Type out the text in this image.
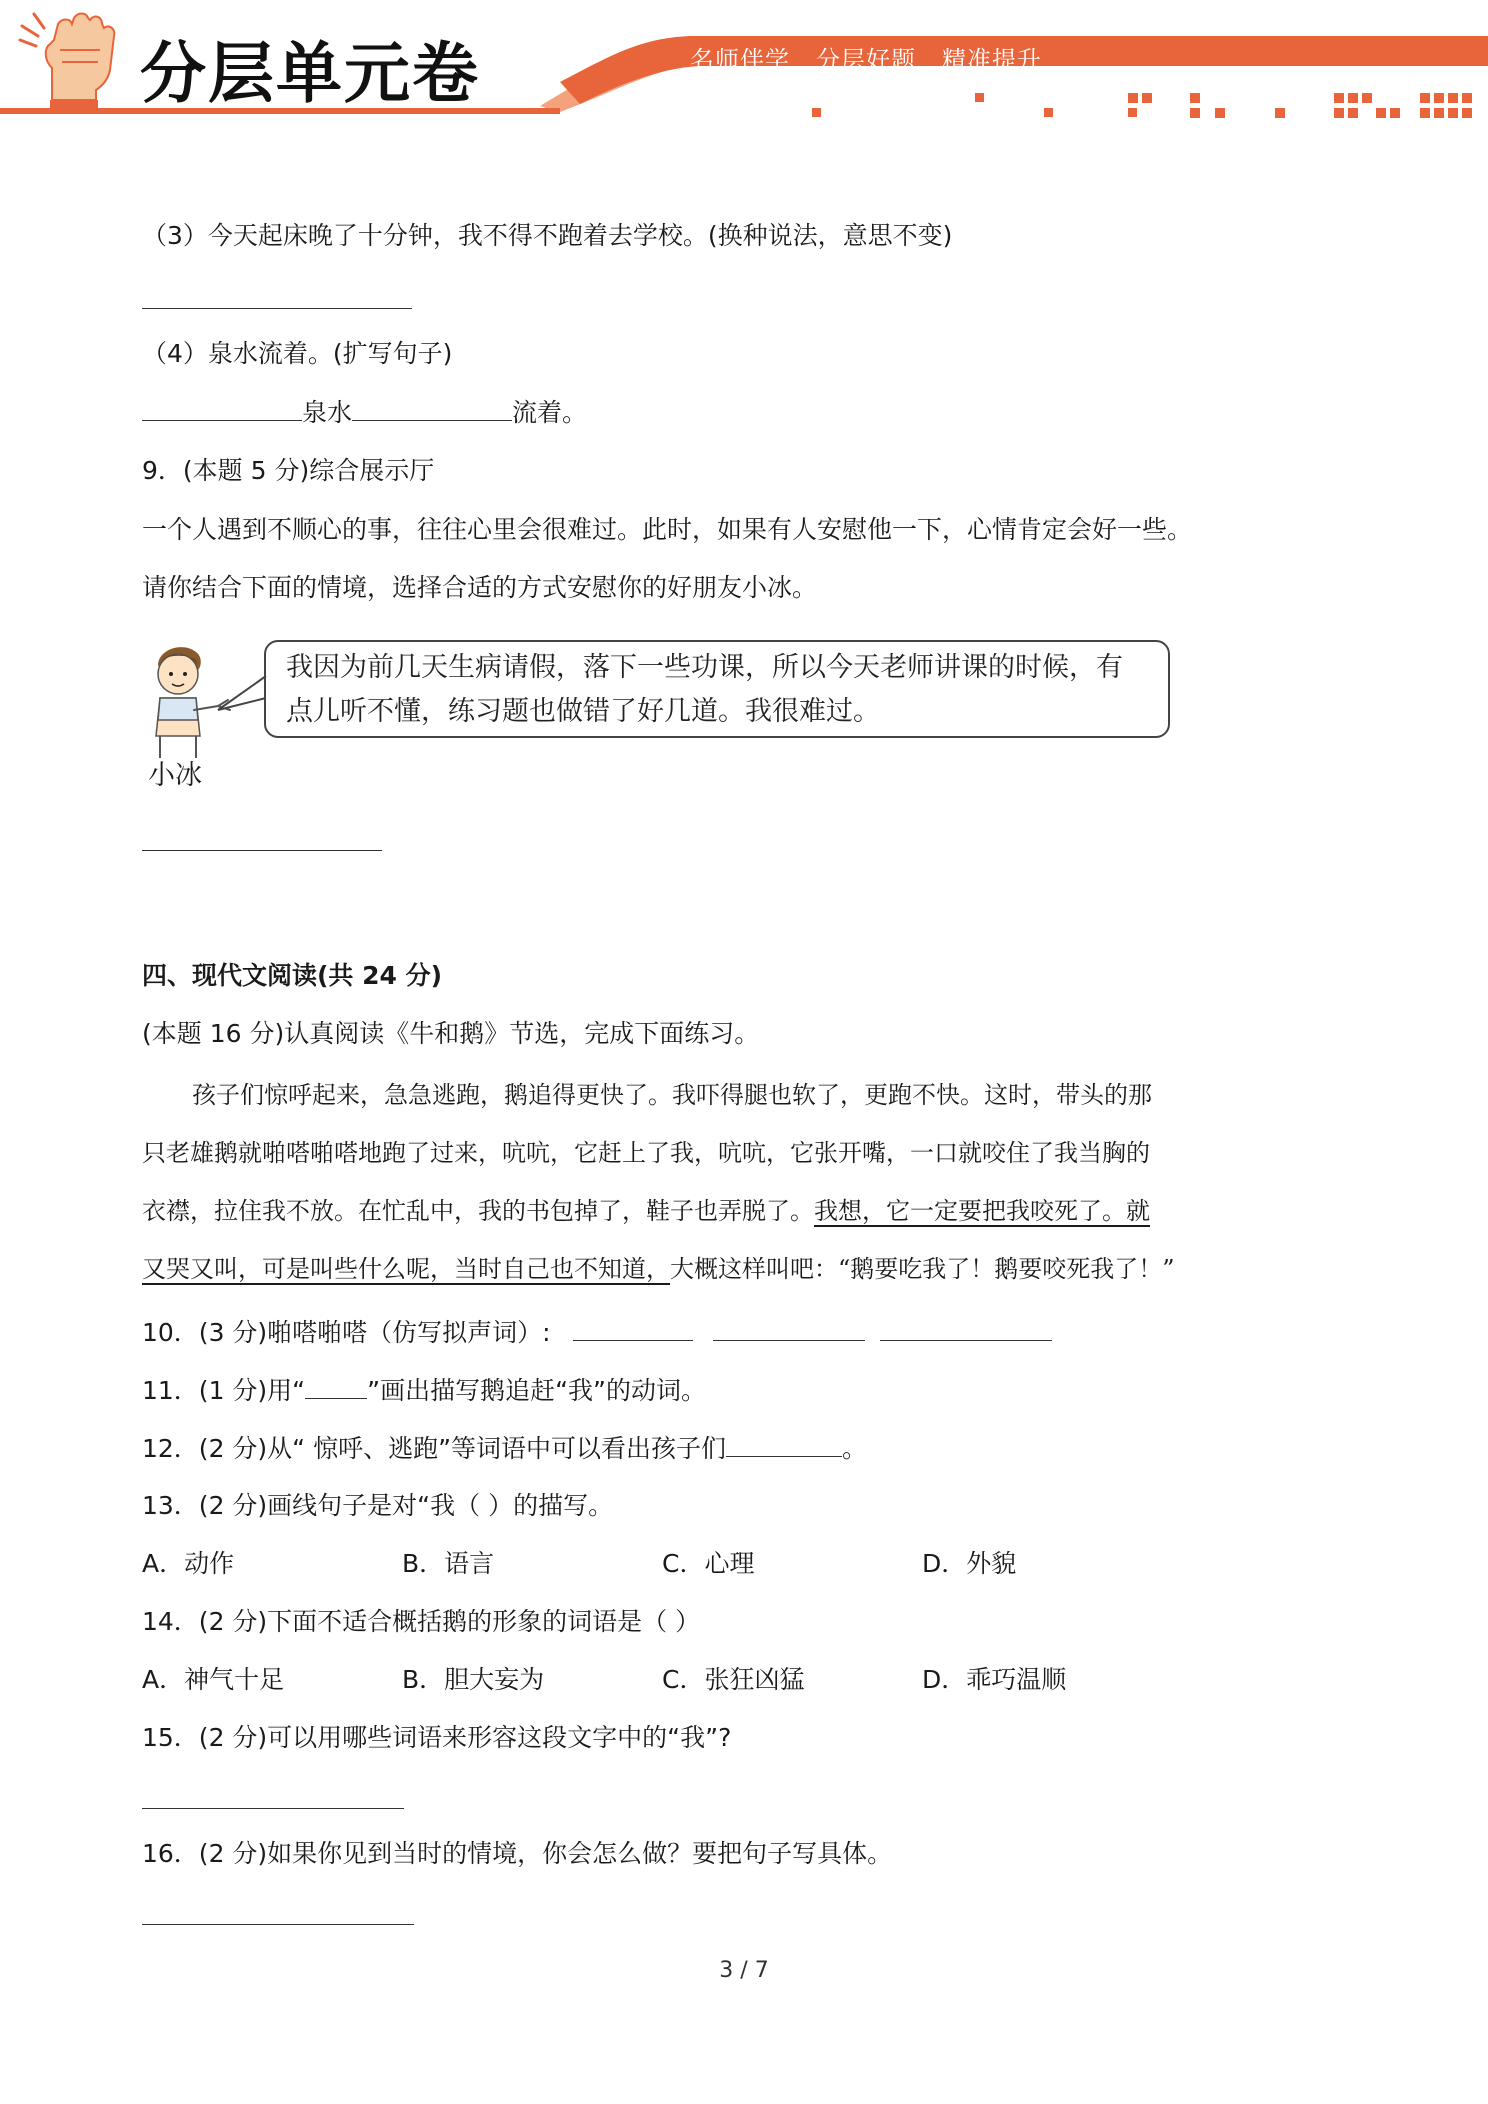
分层单元卷	名师伴学 分层好题 精准提升
（3）今天起床晚了十分钟，我不得不跑着去学校。(换种说法，意思不变)
（4）泉水流着。(扩写句子)
泉水	流着。
9．(本题 5 分)综合展示厅
一个人遇到不顺心的事，往往心里会很难过。此时，如果有人安慰他一下，心情肯定会好一些。
请你结合下面的情境，选择合适的方式安慰你的好朋友小冰。
小冰
我因为前几天生病请假，落下一些功课，所以今天老师讲课的时候，有
点儿听不懂，练习题也做错了好几道。我很难过。
四、现代文阅读(共 24 分)
(本题 16 分)认真阅读《牛和鹅》节选，完成下面练习。
孩子们惊呼起来，急急逃跑，鹅追得更快了。我吓得腿也软了，更跑不快。这时，带头的那
只老雄鹅就啪嗒啪嗒地跑了过来，吭吭，它赶上了我，吭吭，它张开嘴，一口就咬住了我当胸的
衣襟，拉住我不放。在忙乱中，我的书包掉了，鞋子也弄脱了。我想，它一定要把我咬死了。就
又哭又叫，可是叫些什么呢，当时自己也不知道，大概这样叫吧：“鹅要吃我了！鹅要咬死我了！”
10．(3 分)啪嗒啪嗒（仿写拟声词）:
11．(1 分)用“ ”画出描写鹅追赶“我”的动词。
12．(2 分)从“ 惊呼、逃跑”等词语中可以看出孩子们	。
13．(2 分)画线句子是对“我（ ）的描写。
A．动作	B．语言	C．心理	D．外貌
14．(2 分)下面不适合概括鹅的形象的词语是（ ）
A．神气十足	B．胆大妄为	C．张狂凶猛	D．乖巧温顺
15．(2 分)可以用哪些词语来形容这段文字中的“我”?
16．(2 分)如果你见到当时的情境，你会怎么做？要把句子写具体。
3 / 7
